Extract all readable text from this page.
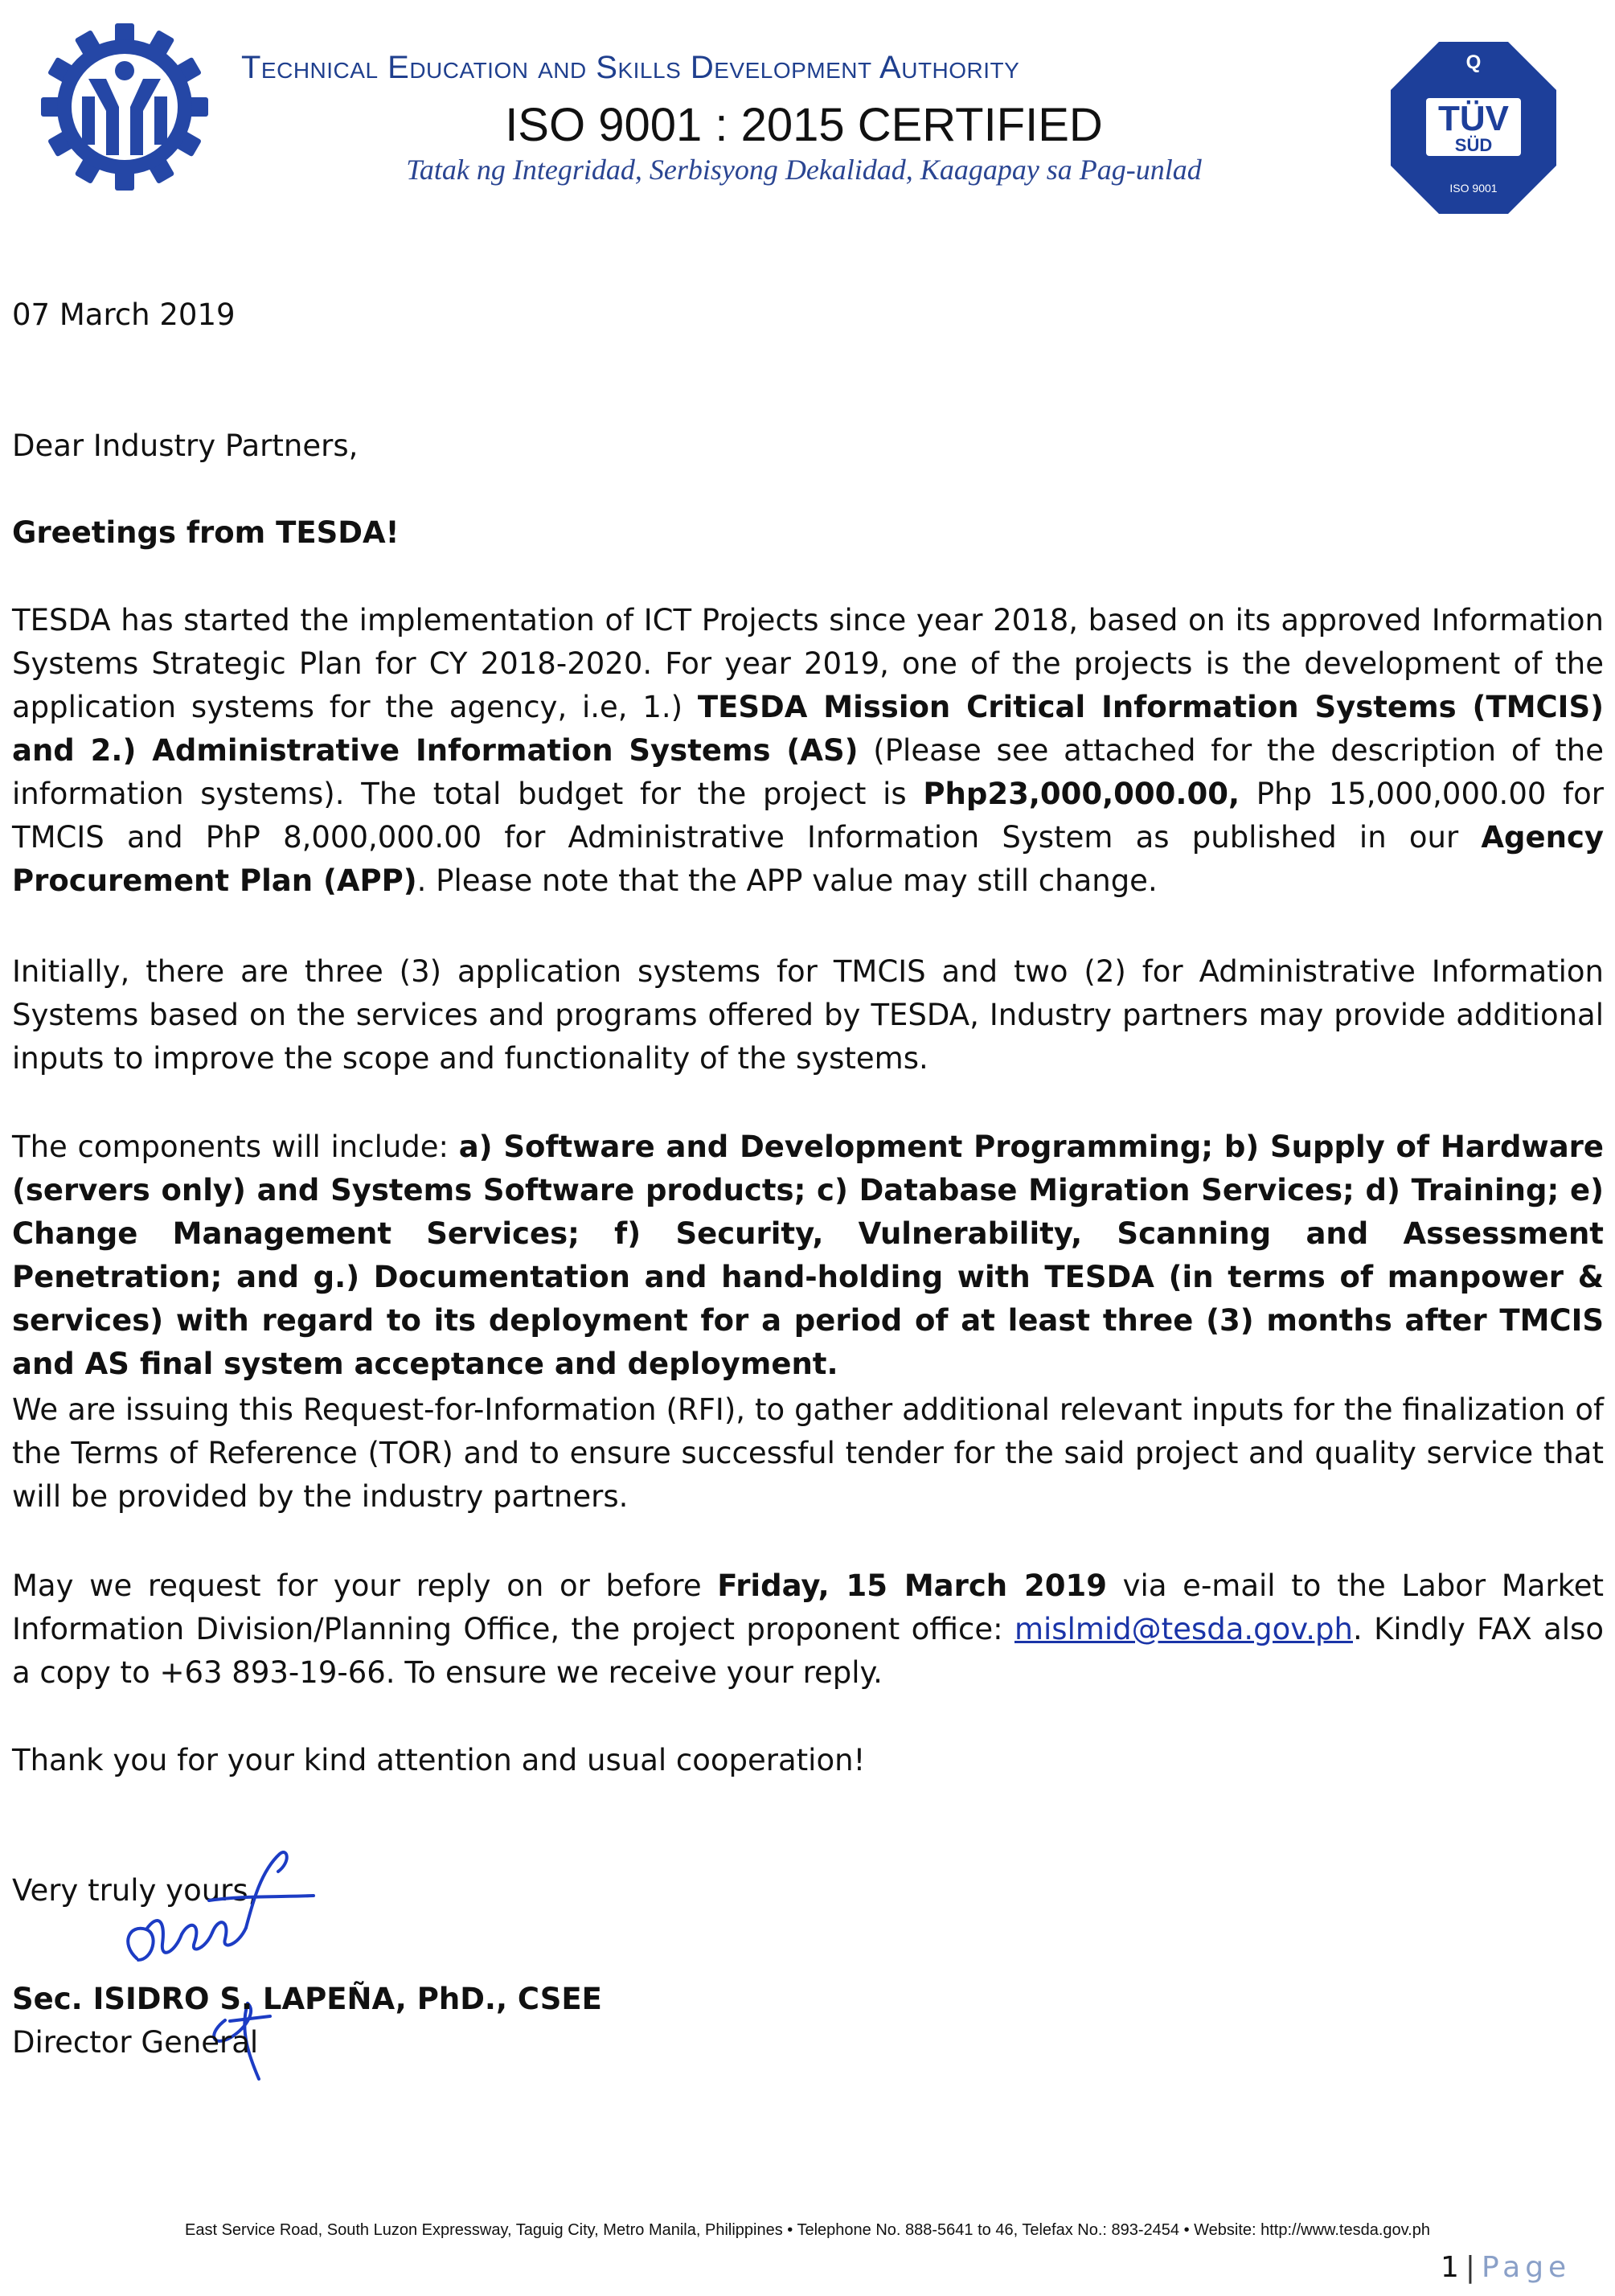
Technical Education and Skills Development Authority
ISO 9001 : 2015 CERTIFIED
Tatak ng Integridad, Serbisyong Dekalidad, Kaagapay sa Pag-unlad
Q
TÜV
SÜD
ISO 9001
07 March 2019
Dear Industry Partners,
Greetings from TESDA!
TESDA has started the implementation of ICT Projects since year 2018, based on its approved Information Systems Strategic Plan for CY 2018-2020. For year 2019, one of the projects is the development of the application systems for the agency, i.e, 1.) TESDA Mission Critical Information Systems (TMCIS) and 2.) Administrative Information Systems (AS) (Please see attached for the description of the information systems). The total budget for the project is Php23,000,000.00, Php 15,000,000.00 for TMCIS and PhP 8,000,000.00 for Administrative Information System as published in our Agency Procurement Plan (APP). Please note that the APP value may still change.
Initially, there are three (3) application systems for TMCIS and two (2) for Administrative Information Systems based on the services and programs offered by TESDA, Industry partners may provide additional inputs to improve the scope and functionality of the systems.
The components will include: a) Software and Development Programming; b) Supply of Hardware (servers only) and Systems Software products; c) Database Migration Services; d) Training; e) Change Management Services; f) Security, Vulnerability, Scanning and Assessment Penetration; and g.) Documentation and hand-holding with TESDA (in terms of manpower & services) with regard to its deployment for a period of at least three (3) months after TMCIS and AS final system acceptance and deployment.
We are issuing this Request-for-Information (RFI), to gather additional relevant inputs for the finalization of the Terms of Reference (TOR) and to ensure successful tender for the said project and quality service that will be provided by the industry partners.
May we request for your reply on or before Friday, 15 March 2019 via e-mail to the Labor Market Information Division/Planning Office, the project proponent office: mislmid@tesda.gov.ph. Kindly FAX also a copy to +63 893-19-66. To ensure we receive your reply.
Thank you for your kind attention and usual cooperation!
Very truly yours,
Sec. ISIDRO S. LAPEÑA, PhD., CSEE
Director General
East Service Road, South Luzon Expressway, Taguig City, Metro Manila, Philippines • Telephone No. 888-5641 to 46, Telefax No.: 893-2454 • Website: http://www.tesda.gov.ph
1 | Page
